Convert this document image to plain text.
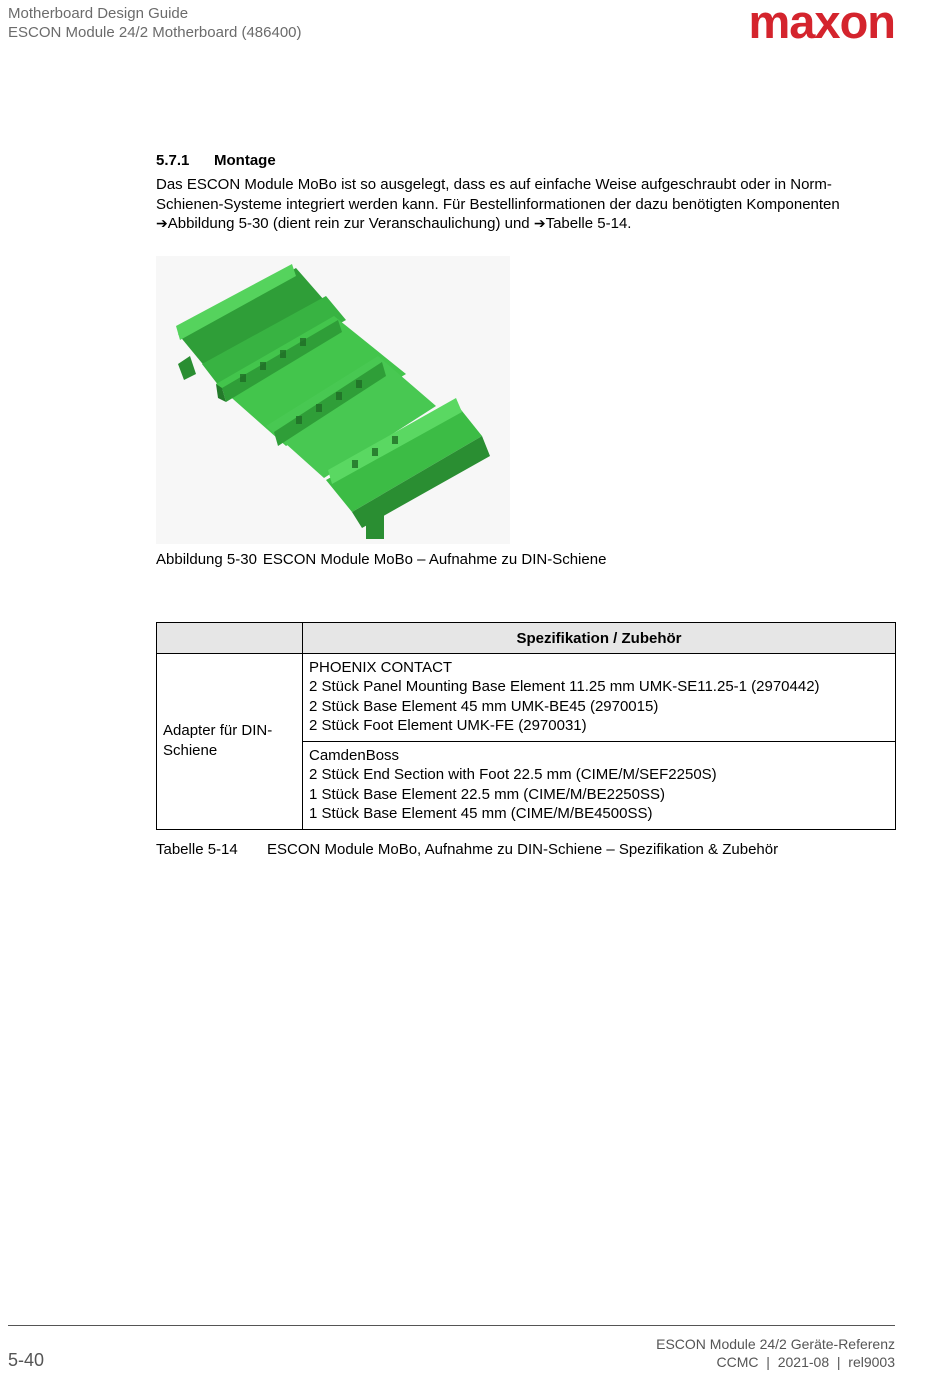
Motherboard Design Guide
ESCON Module 24/2 Motherboard (486400)	maxon
5.7.1 Montage

Das ESCON Module MoBo ist so ausgelegt, dass es auf einfache Weise aufgeschraubt oder in Norm-Schienen-Systeme integriert werden kann. Für Bestellinformationen der dazu benötigten Komponenten ➔Abbildung 5-30 (dient rein zur Veranschaulichung) und ➔Tabelle 5-14.

Abbildung 5-30 ESCON Module MoBo – Aufnahme zu DIN-Schiene
	Spezifikation / Zubehör
Adapter für DIN-Schiene	PHOENIX CONTACT
2 Stück Panel Mounting Base Element 11.25 mm UMK-SE11.25-1 (2970442)
2 Stück Base Element 45 mm UMK-BE45 (2970015)
2 Stück Foot Element UMK-FE (2970031)

	CamdenBoss
2 Stück End Section with Foot 22.5 mm (CIME/M/SEF2250S)
1 Stück Base Element 22.5 mm (CIME/M/BE2250SS)
1 Stück Base Element 45 mm (CIME/M/BE4500SS)
Tabelle 5-14 ESCON Module MoBo, Aufnahme zu DIN-Schiene – Spezifikation & Zubehör
5-40
ESCON Module 24/2 Geräte-Referenz
CCMC  |  2021-08  |  rel9003
